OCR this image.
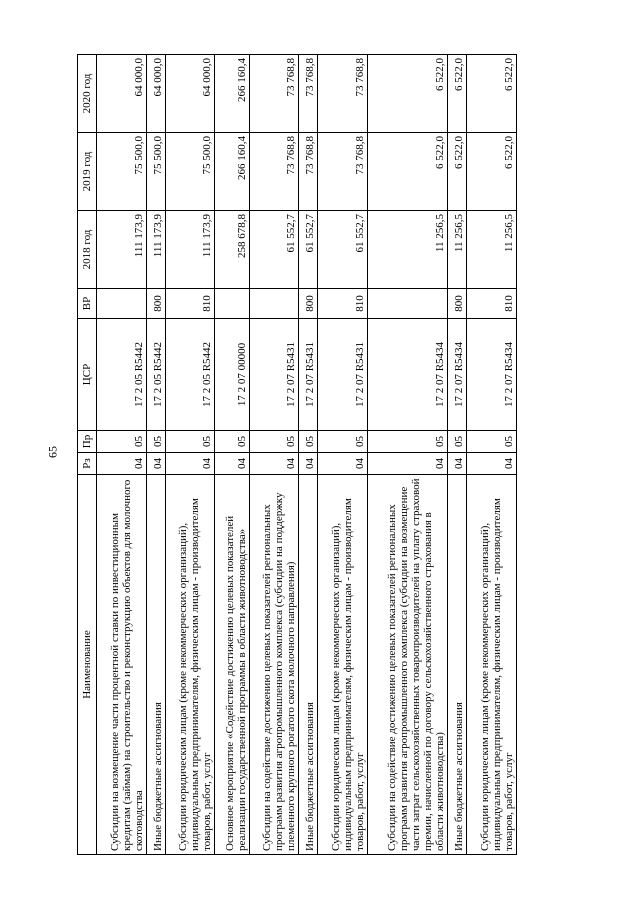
65
Наименование	Рз	Пр	ЦСР	ВР	2018 год	2019 год	2020 год
Субсидии на возмещение части процентной ставки по инвестиционным кредитам (займам) на строительство и реконструкцию объектов для молочного скотоводства	04	05	17 2 05 R5442		111 173,9	75 500,0	64 000,0
Иные бюджетные ассигнования	04	05	17 2 05 R5442	800	111 173,9	75 500,0	64 000,0
Субсидии юридическим лицам (кроме некоммерческих организаций), индивидуальным предпринимателям, физическим лицам - производителям товаров, работ, услуг	04	05	17 2 05 R5442	810	111 173,9	75 500,0	64 000,0
Основное мероприятие «Содействие достижению целевых показателей реализации государственной программы в области животноводства»	04	05	17 2 07 00000		258 678,8	266 160,4	266 160,4
Субсидии на содействие достижению целевых показателей региональных программ развития агропромышленного комплекса (субсидии на поддержку племенного крупного рогатого скота молочного направления)	04	05	17 2 07 R5431		61 552,7	73 768,8	73 768,8
Иные бюджетные ассигнования	04	05	17 2 07 R5431	800	61 552,7	73 768,8	73 768,8
Субсидии юридическим лицам (кроме некоммерческих организаций), индивидуальным предпринимателям, физическим лицам - производителям товаров, работ, услуг	04	05	17 2 07 R5431	810	61 552,7	73 768,8	73 768,8
Субсидии на содействие достижению целевых показателей региональных программ развития агропромышленного комплекса (субсидии на возмещение части затрат сельскохозяйственных товаропроизводителей на уплату страховой премии, начисленной по договору сельскохозяйственного страхования в области животноводства)	04	05	17 2 07 R5434		11 256,5	6 522,0	6 522,0
Иные бюджетные ассигнования	04	05	17 2 07 R5434	800	11 256,5	6 522,0	6 522,0
Субсидии юридическим лицам (кроме некоммерческих организаций), индивидуальным предпринимателям, физическим лицам - производителям товаров, работ, услуг	04	05	17 2 07 R5434	810	11 256,5	6 522,0	6 522,0
